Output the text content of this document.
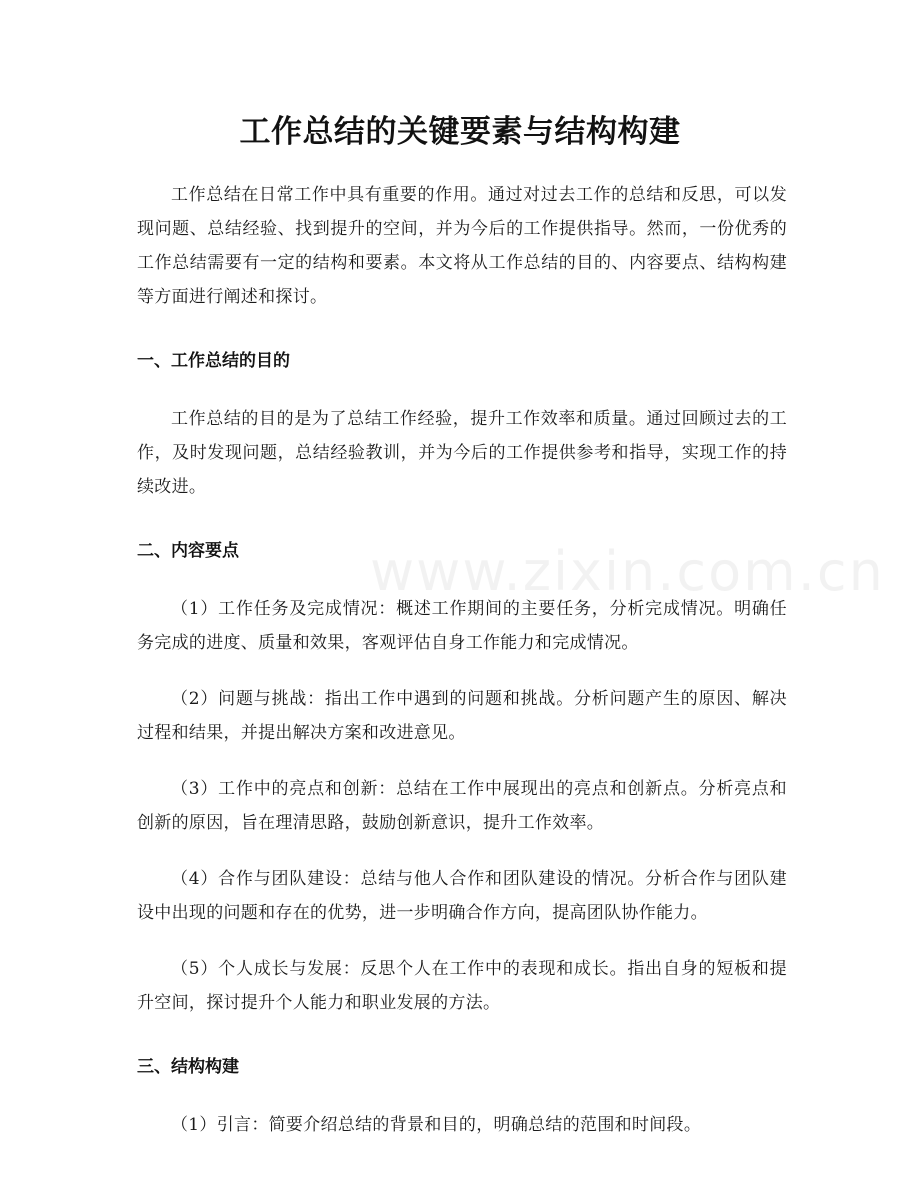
www.zixin.com.cn
工作总结的关键要素与结构构建

工作总结在日常工作中具有重要的作用。通过对过去工作的总结和反思，可以发现问题、总结经验、找到提升的空间，并为今后的工作提供指导。然而，一份优秀的工作总结需要有一定的结构和要素。本文将从工作总结的目的、内容要点、结构构建等方面进行阐述和探讨。

一、工作总结的目的

工作总结的目的是为了总结工作经验，提升工作效率和质量。通过回顾过去的工作，及时发现问题，总结经验教训，并为今后的工作提供参考和指导，实现工作的持续改进。

二、内容要点

（1）工作任务及完成情况：概述工作期间的主要任务，分析完成情况。明确任务完成的进度、质量和效果，客观评估自身工作能力和完成情况。

（2）问题与挑战：指出工作中遇到的问题和挑战。分析问题产生的原因、解决过程和结果，并提出解决方案和改进意见。

（3）工作中的亮点和创新：总结在工作中展现出的亮点和创新点。分析亮点和创新的原因，旨在理清思路，鼓励创新意识，提升工作效率。

（4）合作与团队建设：总结与他人合作和团队建设的情况。分析合作与团队建设中出现的问题和存在的优势，进一步明确合作方向，提高团队协作能力。

（5）个人成长与发展：反思个人在工作中的表现和成长。指出自身的短板和提升空间，探讨提升个人能力和职业发展的方法。

三、结构构建

（1）引言：简要介绍总结的背景和目的，明确总结的范围和时间段。
